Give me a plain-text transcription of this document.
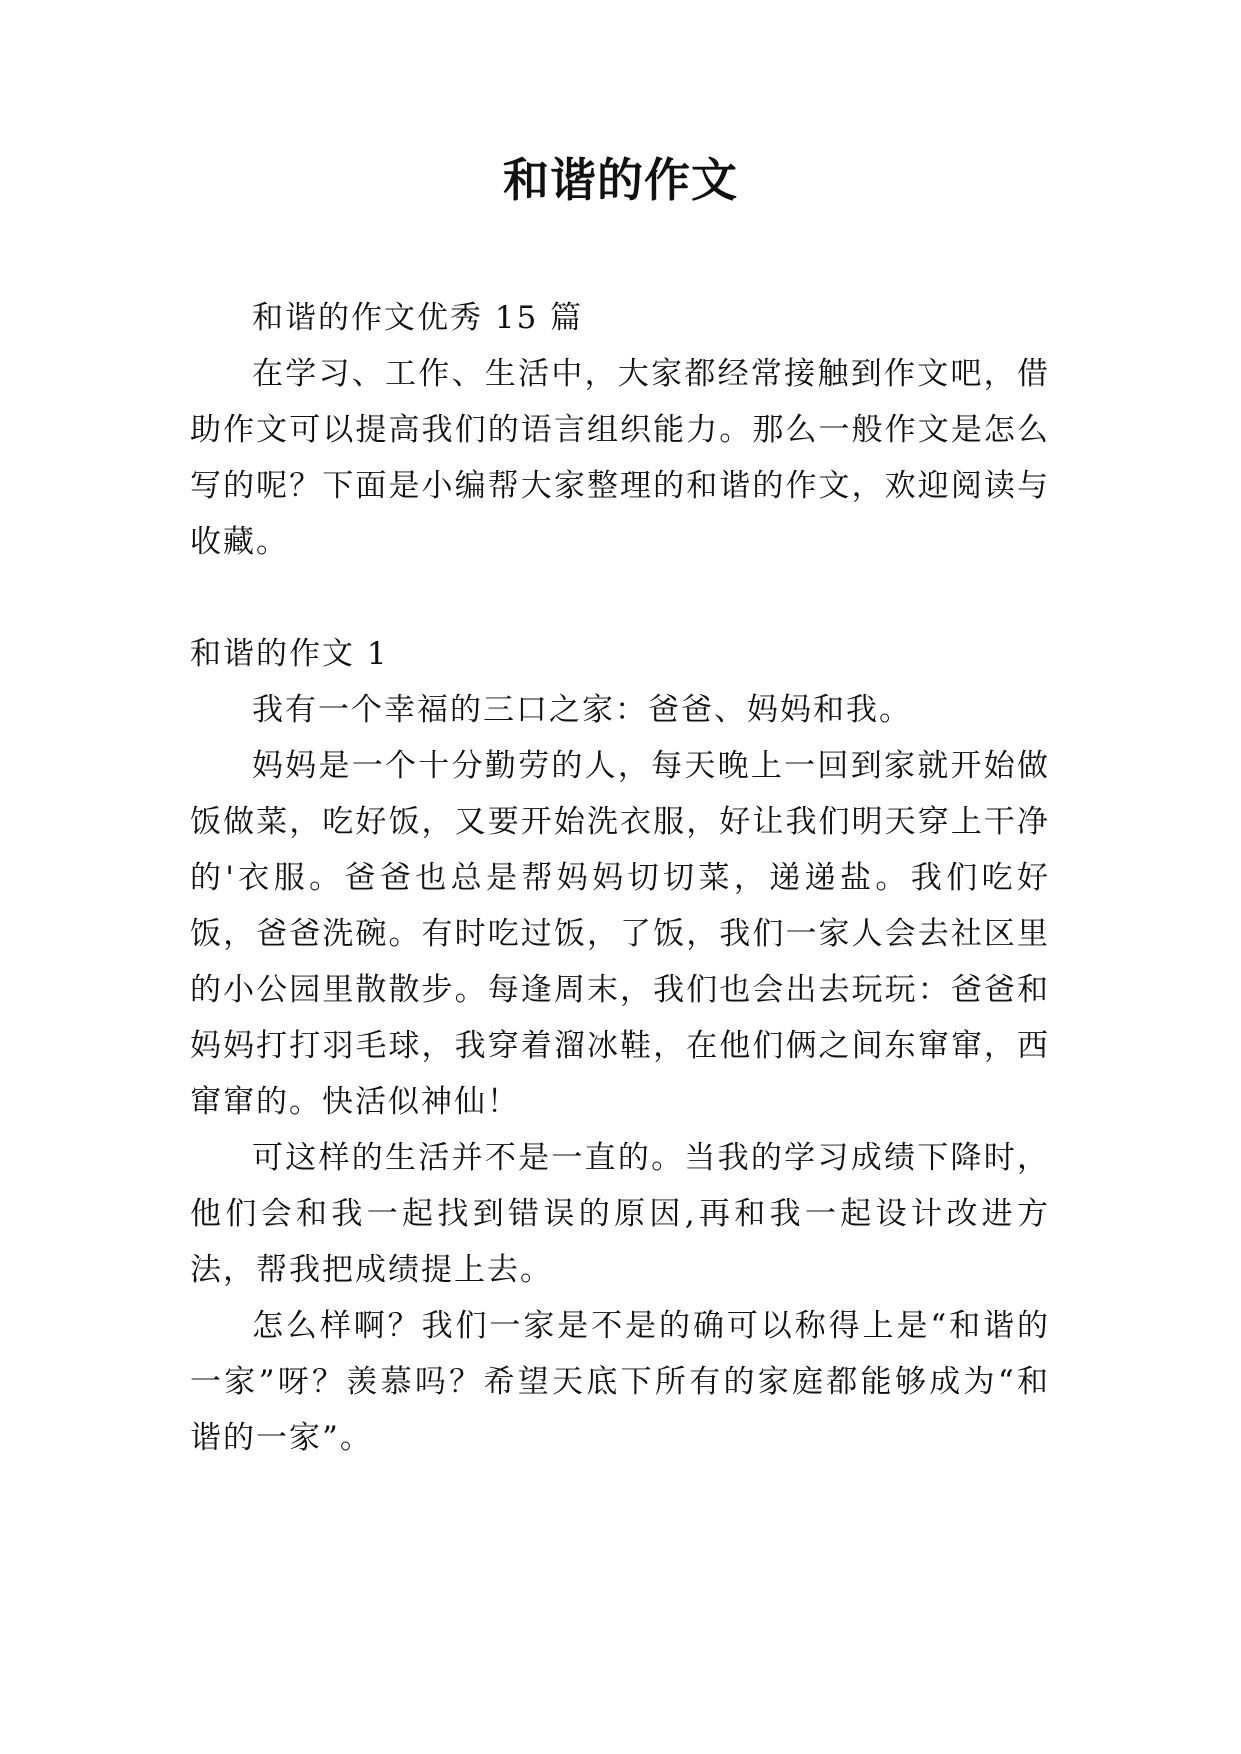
和谐的作文

和谐的作文优秀 15 篇

在学习、工作、生活中，大家都经常接触到作文吧，借助作文可以提高我们的语言组织能力。那么一般作文是怎么写的呢？下面是小编帮大家整理的和谐的作文，欢迎阅读与收藏。

和谐的作文 1

我有一个幸福的三口之家：爸爸、妈妈和我。

妈妈是一个十分勤劳的人，每天晚上一回到家就开始做饭做菜，吃好饭，又要开始洗衣服，好让我们明天穿上干净的'衣服。爸爸也总是帮妈妈切切菜，递递盐。我们吃好饭，爸爸洗碗。有时吃过饭，了饭，我们一家人会去社区里的小公园里散散步。每逢周末，我们也会出去玩玩：爸爸和妈妈打打羽毛球，我穿着溜冰鞋，在他们俩之间东窜窜，西窜窜的。快活似神仙！

可这样的生活并不是一直的。当我的学习成绩下降时，他们会和我一起找到错误的原因,再和我一起设计改进方法，帮我把成绩提上去。

怎么样啊？我们一家是不是的确可以称得上是“和谐的一家”呀？羡慕吗？希望天底下所有的家庭都能够成为“和谐的一家”。
